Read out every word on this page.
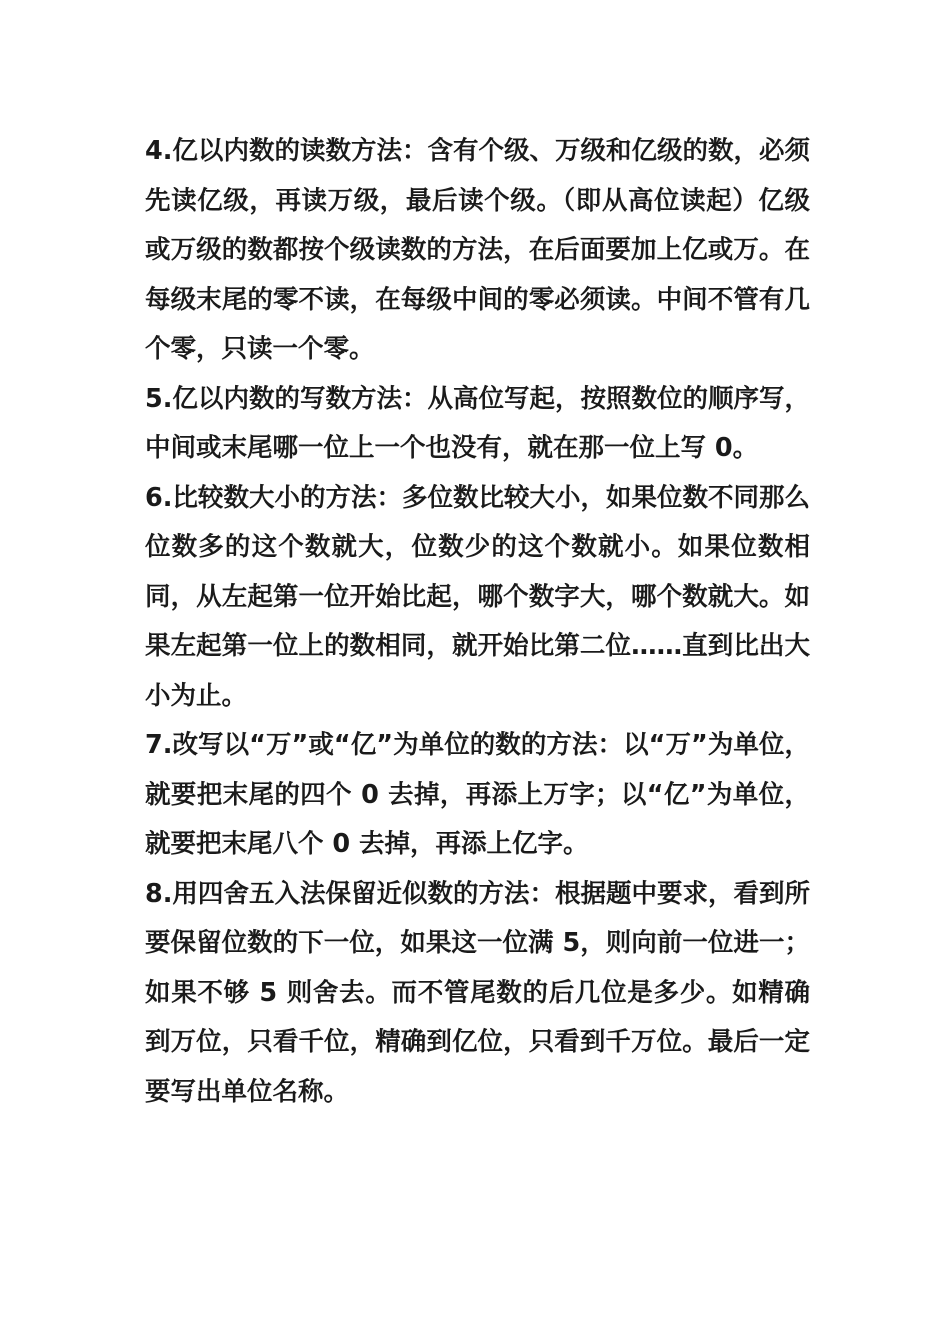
4.亿以内数的读数方法：含有个级、万级和亿级的数，必须先读亿级，再读万级，最后读个级。（即从高位读起）亿级或万级的数都按个级读数的方法，在后面要加上亿或万。在每级末尾的零不读，在每级中间的零必须读。中间不管有几个零，只读一个零。

5.亿以内数的写数方法：从高位写起，按照数位的顺序写，中间或末尾哪一位上一个也没有，就在那一位上写 0。

6.比较数大小的方法：多位数比较大小，如果位数不同那么位数多的这个数就大，位数少的这个数就小。如果位数相同，从左起第一位开始比起，哪个数字大，哪个数就大。如果左起第一位上的数相同，就开始比第二位……直到比出大小为止。

7.改写以“万”或“亿”为单位的数的方法：以“万”为单位，就要把末尾的四个 0 去掉，再添上万字；以“亿”为单位，就要把末尾八个 0 去掉，再添上亿字。

8.用四舍五入法保留近似数的方法：根据题中要求，看到所要保留位数的下一位，如果这一位满 5，则向前一位进一；如果不够 5 则舍去。而不管尾数的后几位是多少。如精确到万位，只看千位，精确到亿位，只看到千万位。最后一定要写出单位名称。
